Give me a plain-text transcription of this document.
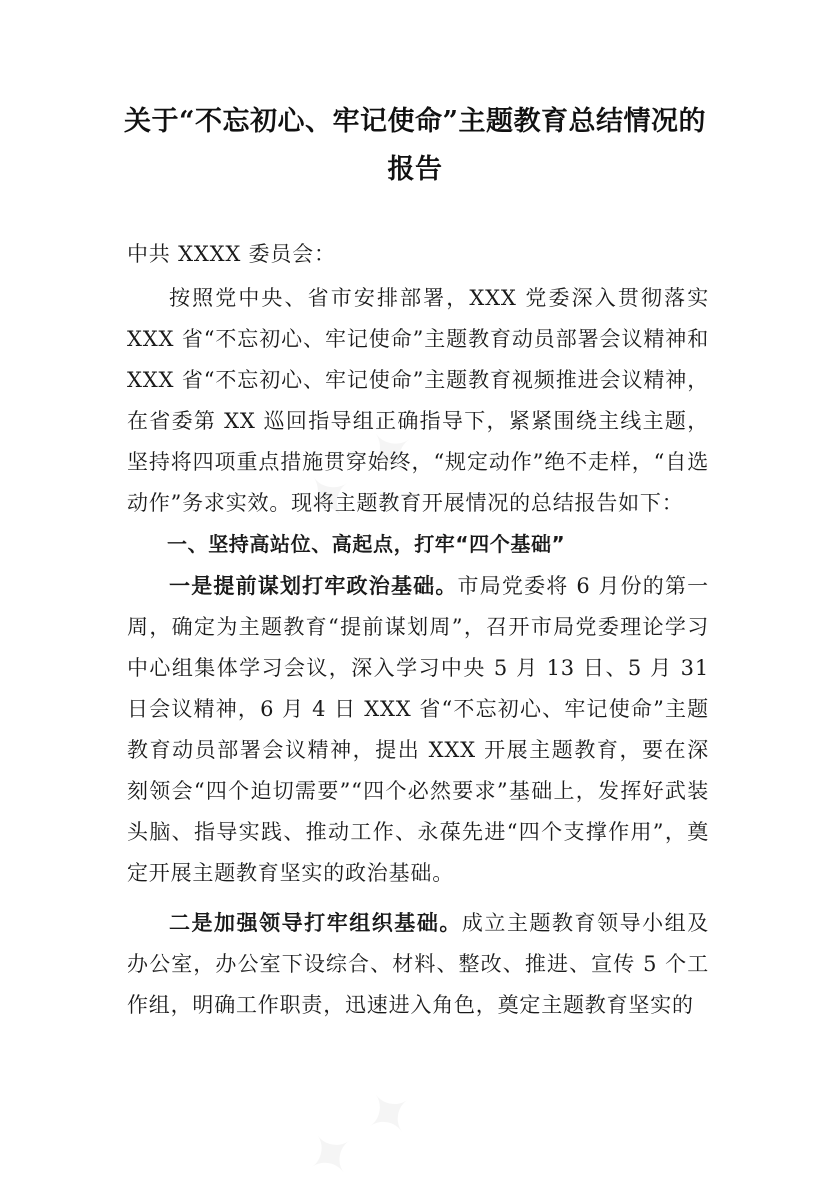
✦ ✦
✦ ✦
关于“不忘初心、牢记使命”主题教育总结情况的
报告

中共 XXXX 委员会：

按照党中央、省市安排部署，XXX 党委深入贯彻落实 XXX 省“不忘初心、牢记使命”主题教育动员部署会议精神和 XXX 省“不忘初心、牢记使命”主题教育视频推进会议精神，在省委第 XX 巡回指导组正确指导下，紧紧围绕主线主题，坚持将四项重点措施贯穿始终，“规定动作”绝不走样，“自选动作”务求实效。现将主题教育开展情况的总结报告如下：

一、坚持高站位、高起点，打牢“四个基础”

一是提前谋划打牢政治基础。市局党委将 6 月份的第一周，确定为主题教育“提前谋划周”，召开市局党委理论学习中心组集体学习会议，深入学习中央 5 月 13 日、5 月 31 日会议精神，6 月 4 日 XXX 省“不忘初心、牢记使命”主题教育动员部署会议精神，提出 XXX 开展主题教育，要在深刻领会“四个迫切需要”“四个必然要求”基础上，发挥好武装头脑、指导实践、推动工作、永葆先进“四个支撑作用”，奠定开展主题教育坚实的政治基础。

二是加强领导打牢组织基础。成立主题教育领导小组及办公室，办公室下设综合、材料、整改、推进、宣传 5 个工作组，明确工作职责，迅速进入角色，奠定主题教育坚实的
